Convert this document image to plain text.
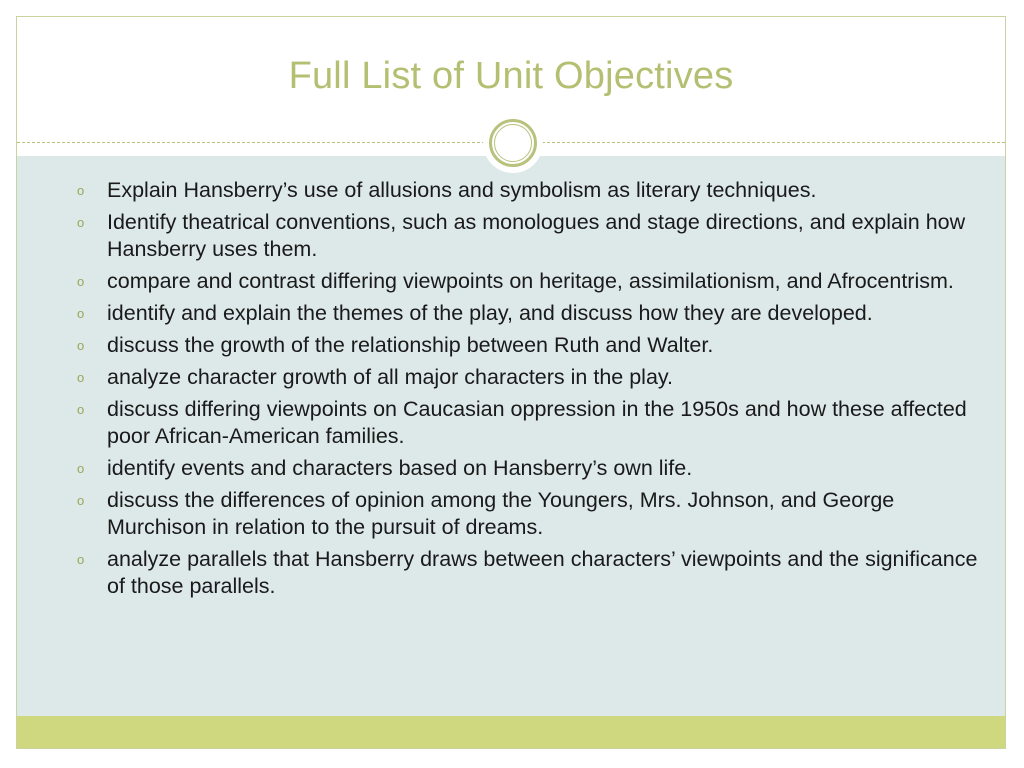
Full List of Unit Objectives
o Explain Hansberry’s use of allusions and symbolism as literary techniques.
o Identify theatrical conventions, such as monologues and stage directions, and explain how Hansberry uses them.
o compare and contrast differing viewpoints on heritage, assimilationism, and Afrocentrism.
o identify and explain the themes of the play, and discuss how they are developed.
o discuss the growth of the relationship between Ruth and Walter.
o analyze character growth of all major characters in the play.
o discuss differing viewpoints on Caucasian oppression in the 1950s and how these affected poor African-American families.
o identify events and characters based on Hansberry’s own life.
o discuss the differences of opinion among the Youngers, Mrs. Johnson, and George Murchison in relation to the pursuit of dreams.
o analyze parallels that Hansberry draws between characters’ viewpoints and the significance of those parallels.
